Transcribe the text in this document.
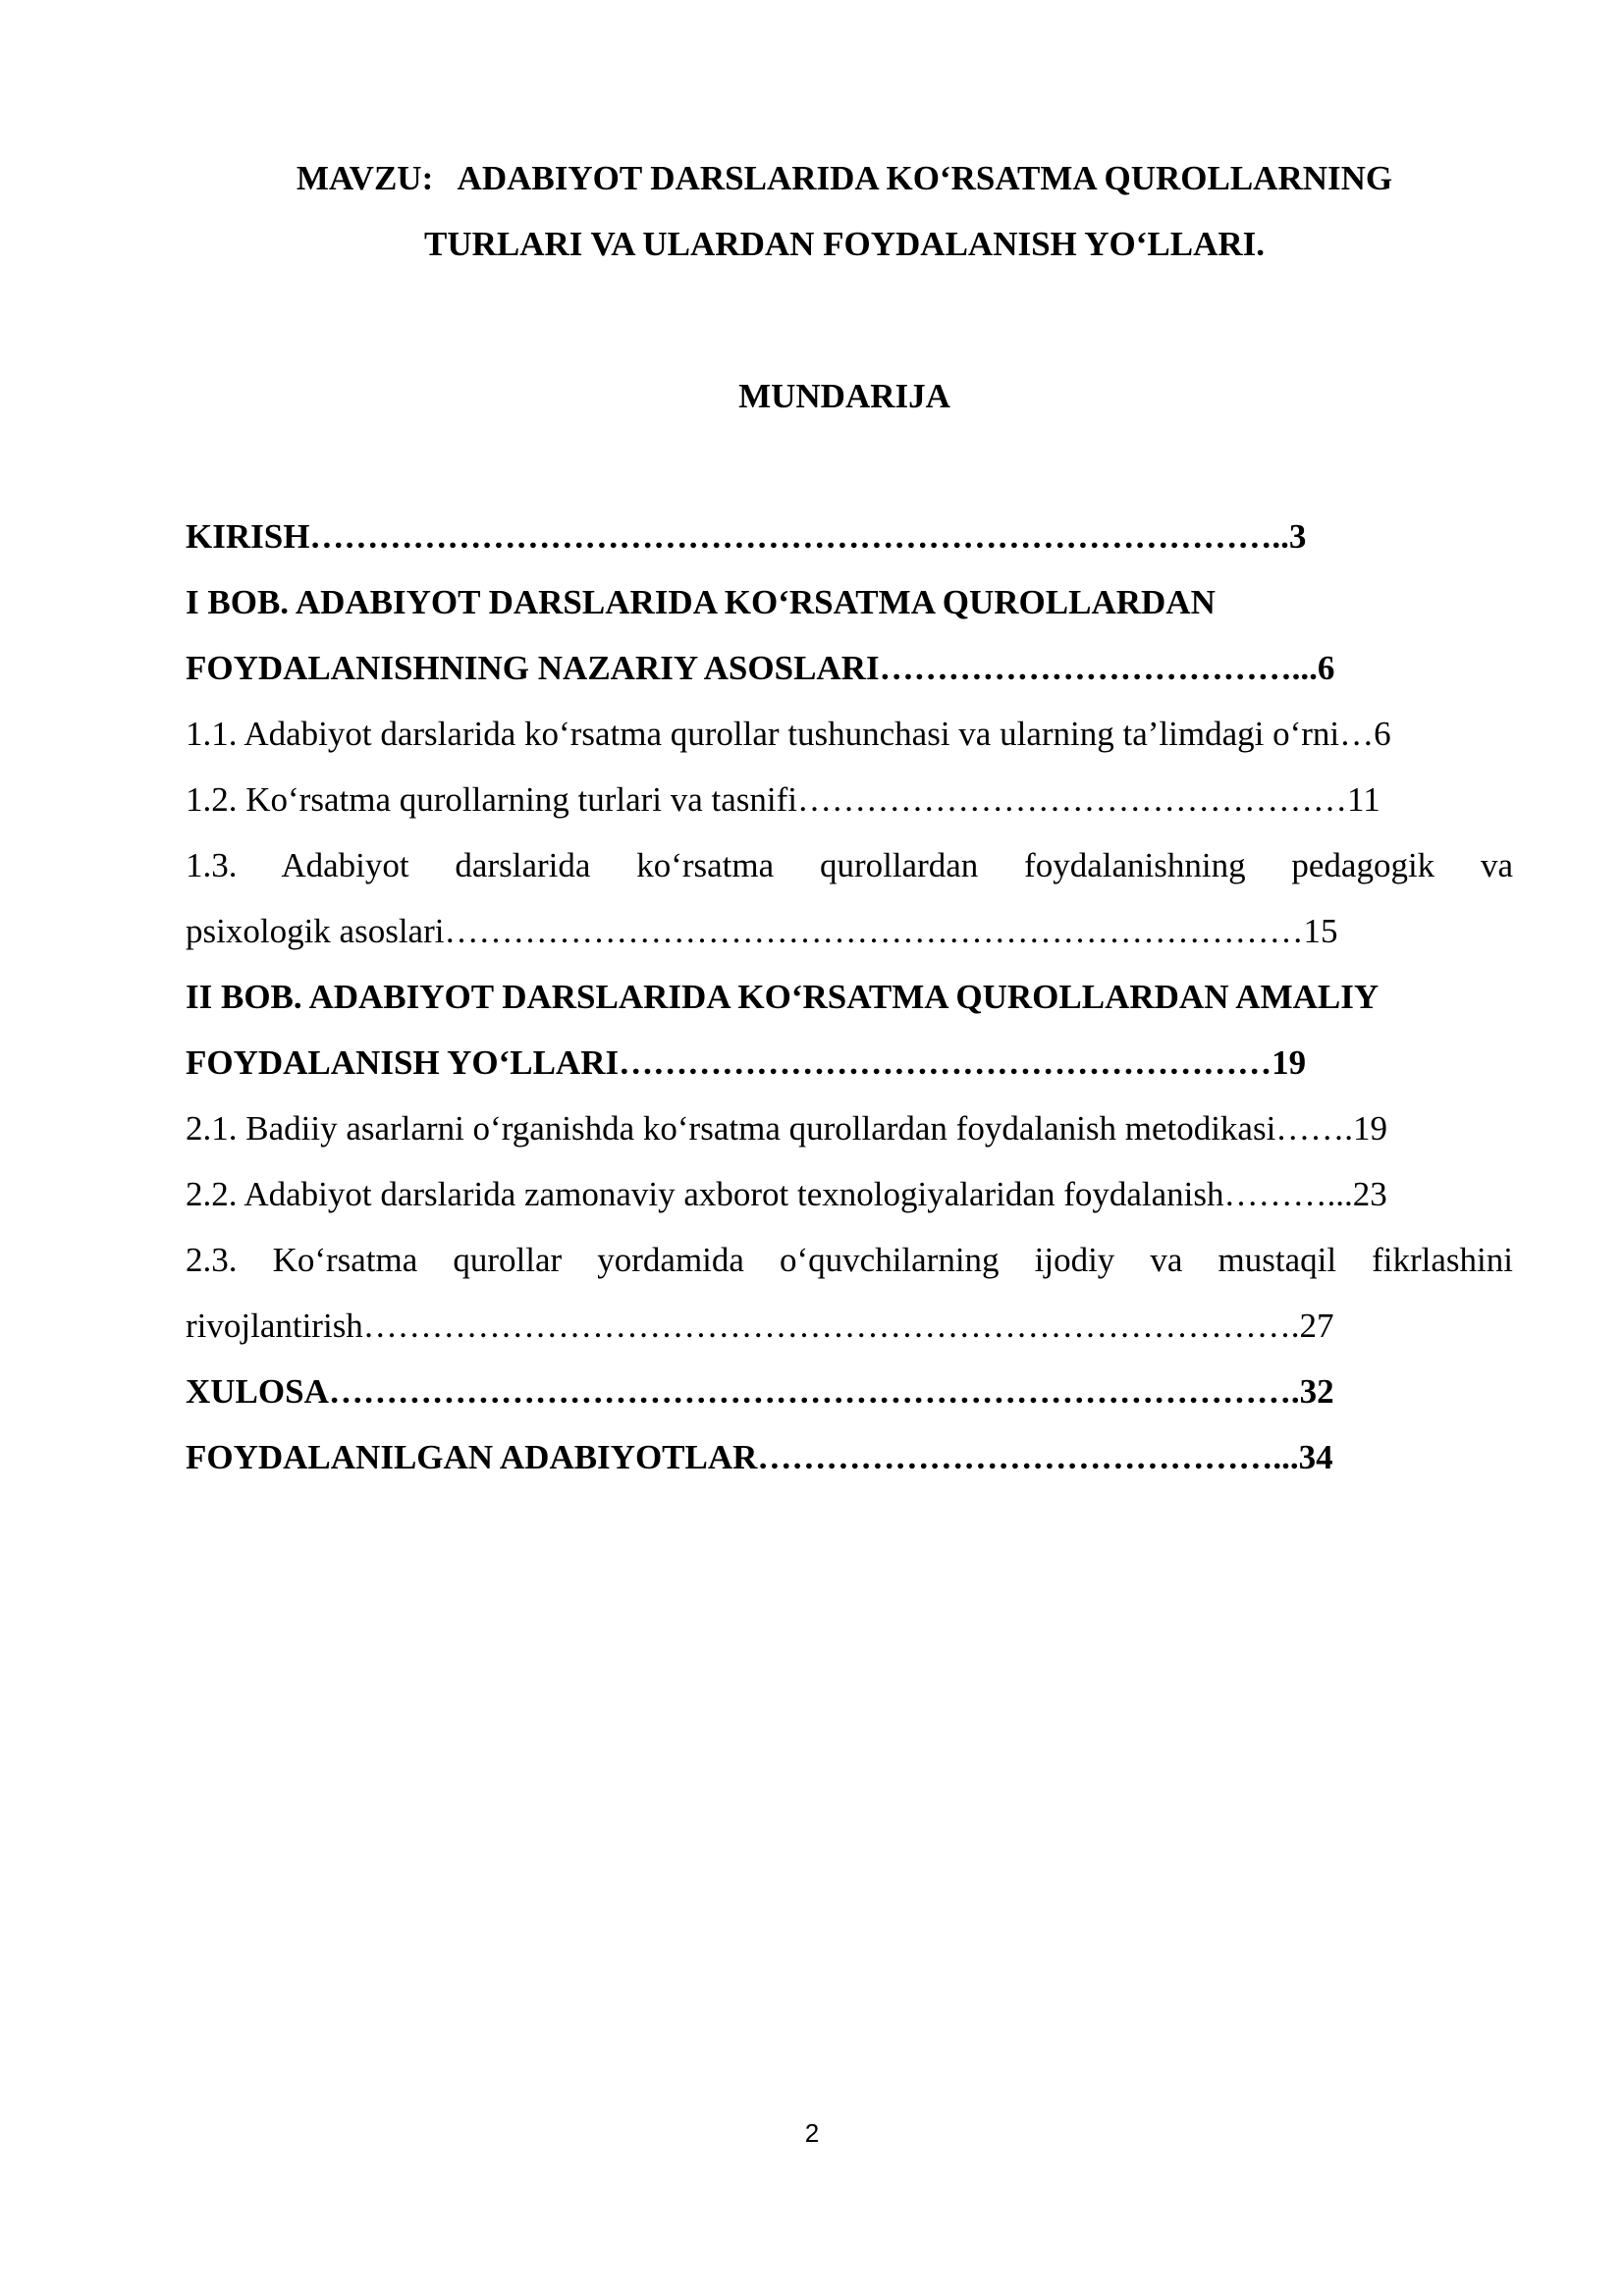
MAVZU:   ADABIYOT DARSLARIDA KO‘RSATMA QUROLLARNING
TURLARI VA ULARDAN FOYDALANISH YO‘LLARI.
MUNDARIJA
KIRISH…………………………………………………………………………..3
I BOB. ADABIYOT DARSLARIDA KO‘RSATMA QUROLLARDAN
FOYDALANISHNING NAZARIY ASOSLARI………………………………...6
1.1. Adabiyot darslarida ko‘rsatma qurollar tushunchasi va ularning ta’limdagi o‘rni…6
1.2. Ko‘rsatma qurollarning turlari va tasnifi…………………………………………11
1.3. Adabiyot darslarida ko‘rsatma qurollardan foydalanishning pedagogik va
psixologik asoslari…………………………………………………………………15
II BOB. ADABIYOT DARSLARIDA KO‘RSATMA QUROLLARDAN AMALIY
FOYDALANISH YO‘LLARI…………………………………………………19
2.1. Badiiy asarlarni o‘rganishda ko‘rsatma qurollardan foydalanish metodikasi…….19
2.2. Adabiyot darslarida zamonaviy axborot texnologiyalaridan foydalanish………...23
2.3. Ko‘rsatma qurollar yordamida o‘quvchilarning ijodiy va mustaqil fikrlashini
rivojlantirish……………………………………………………………………….27
XULOSA………………………………………………………………………….32
FOYDALANILGAN ADABIYOTLAR………………………………………...34
2
